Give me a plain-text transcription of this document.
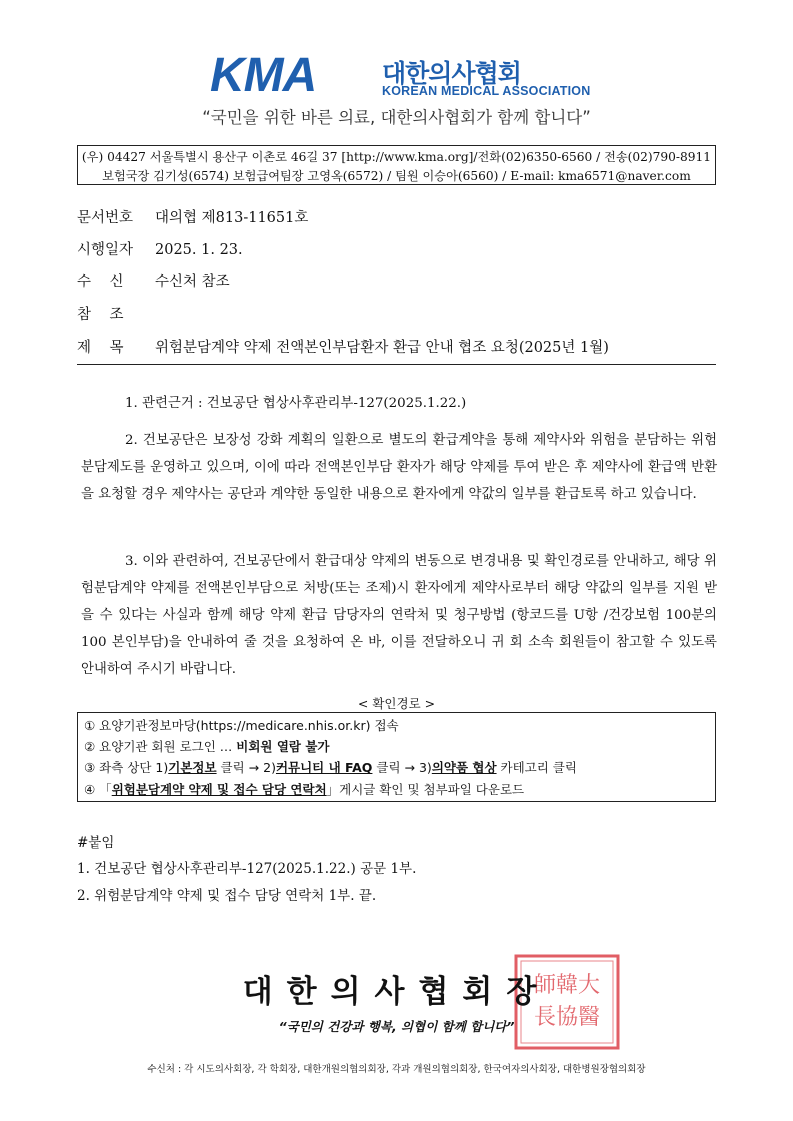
KMA	대한의사협회
KOREAN MEDICAL ASSOCIATION
“국민을 위한 바른 의료, 대한의사협회가 함께 합니다”
(우) 04427 서울특별시 용산구 이촌로 46길 37 [http://www.kma.org]/전화(02)6350-6560 / 전송(02)790-8911
보험국장 김기성(6574) 보험급여팀장 고영옥(6572) / 팀원 이승아(6560) / E-mail: kma6571@naver.com
문서번호 대의협 제813-11651호
시행일자 2025. 1. 23.
수    신 수신처 참조
참    조
제    목 위험분담계약 약제 전액본인부담환자 환급 안내 협조 요청(2025년 1월)
1. 관련근거 : 건보공단 협상사후관리부-127(2025.1.22.)
2. 건보공단은 보장성 강화 계획의 일환으로 별도의 환급계약을 통해 제약사와 위험을 분담하는 위험분담제도를 운영하고 있으며, 이에 따라 전액본인부담 환자가 해당 약제를 투여 받은 후 제약사에 환급액 반환을 요청할 경우 제약사는 공단과 계약한 동일한 내용으로 환자에게 약값의 일부를 환급토록 하고 있습니다.
3. 이와 관련하여, 건보공단에서 환급대상 약제의 변동으로 변경내용 및 확인경로를 안내하고, 해당 위험분담계약 약제를 전액본인부담으로 처방(또는 조제)시 환자에게 제약사로부터 해당 약값의 일부를 지원 받을 수 있다는 사실과 함께 해당 약제 환급 담당자의 연락처 및 청구방법 (항코드를 U항 /건강보험 100분의 100 본인부담)을 안내하여 줄 것을 요청하여 온 바, 이를 전달하오니 귀 회 소속 회원들이 참고할 수 있도록 안내하여 주시기 바랍니다.
< 확인경로 >
① 요양기관정보마당(https://medicare.nhis.or.kr) 접속
② 요양기관 회원 로그인 … 비회원 열람 불가
③ 좌측 상단 1)기본정보 클릭 → 2)커뮤니티 내 FAQ 클릭 → 3)의약품 협상 카테고리 클릭
④ 「위험분담계약 약제 및 접수 담당 연락처」게시글 확인 및 첨부파일 다운로드
#붙임
1. 건보공단 협상사후관리부-127(2025.1.22.) 공문 1부.
2. 위험분담계약 약제 및 접수 담당 연락처 1부. 끝.
師韓大
長協醫
대한의사협회장
“국민의 건강과 행복, 의협이 함께 합니다”
수신처 : 각 시도의사회장, 각 학회장, 대한개원의협의회장, 각과 개원의협의회장, 한국여자의사회장, 대한병원장협의회장
